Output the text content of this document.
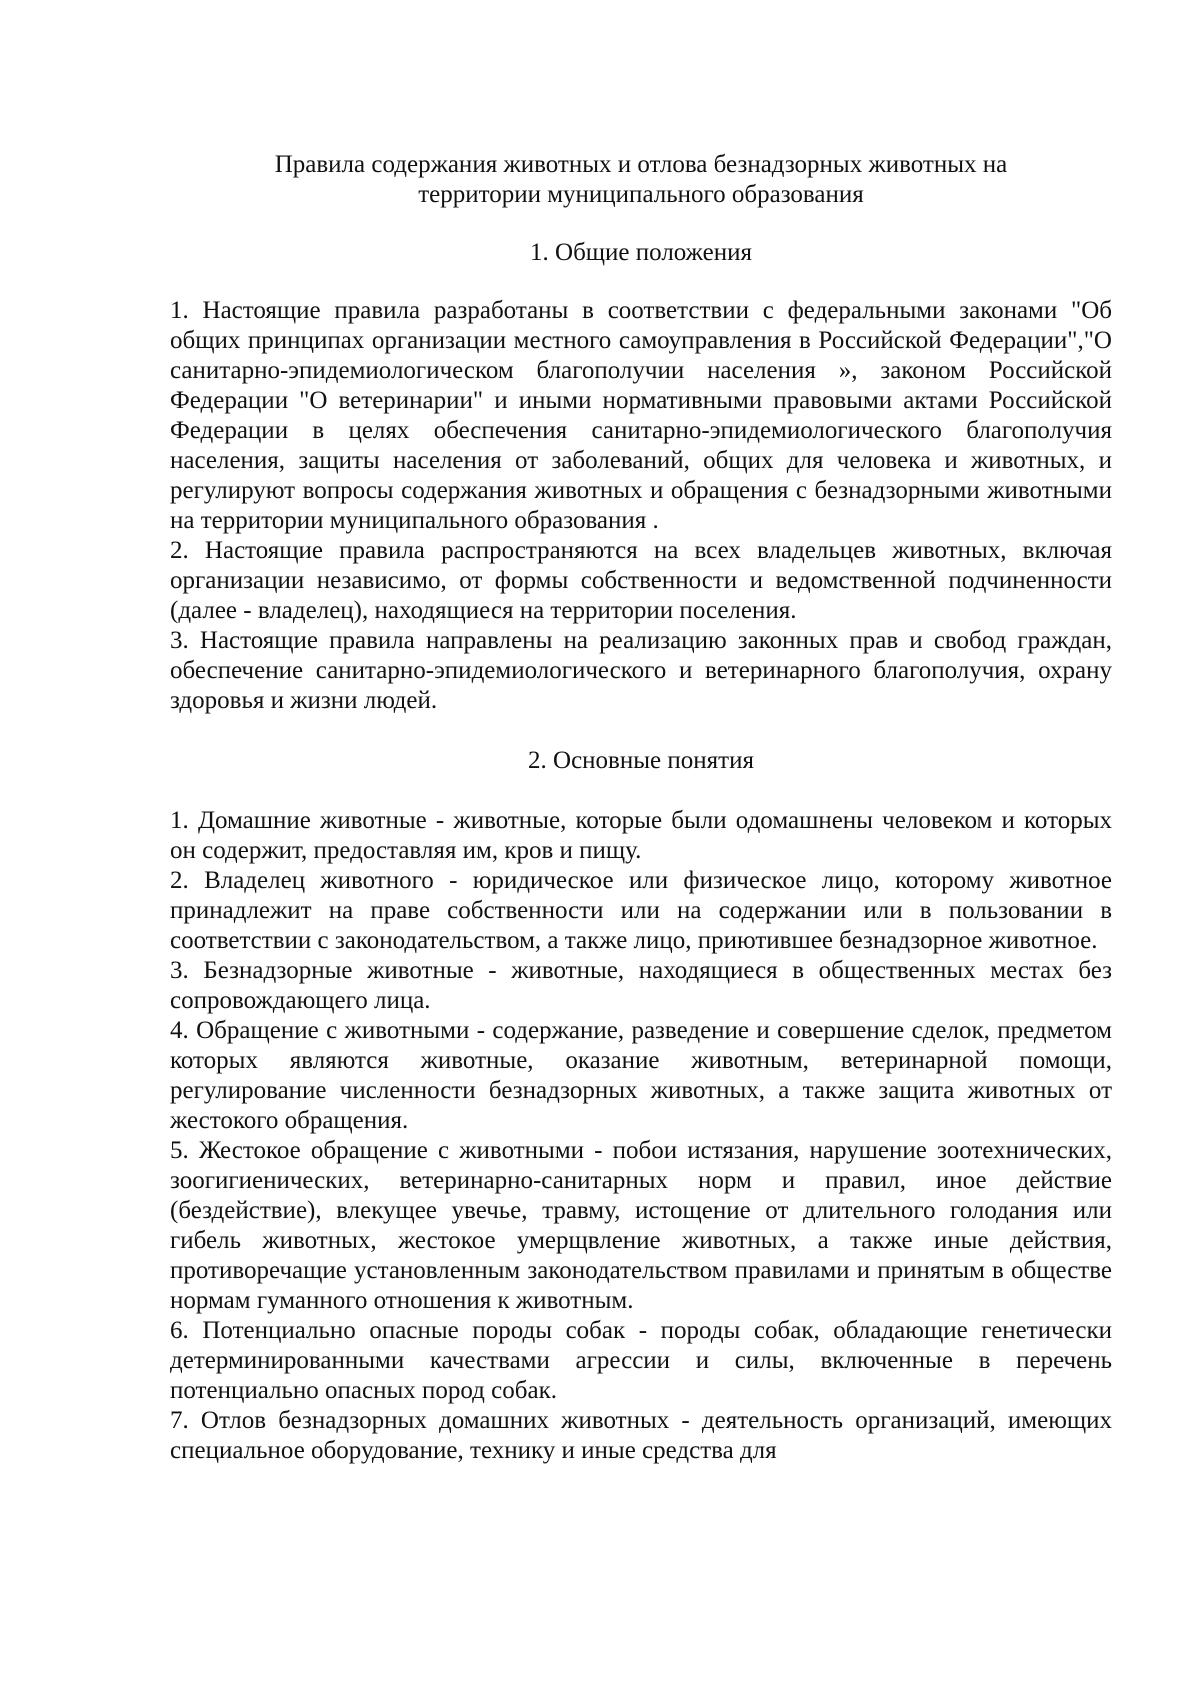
Правила содержания животных и отлова безнадзорных животных на
территории муниципального образования
1. Общие положения

1. Настоящие правила разработаны в соответствии с федеральными законами "Об общих принципах организации местного самоуправления в Российской Федерации","О санитарно-эпидемиологическом благополучии населения », законом Российской Федерации "О ветеринарии" и иными нормативными правовыми актами Российской Федерации в целях обеспечения санитарно-эпидемиологического благополучия населения, защиты населения от заболеваний, общих для человека и животных, и регулируют вопросы содержания животных и обращения с безнадзорными животными на территории муниципального образования .

2. Настоящие правила распространяются на всех владельцев животных, включая организации независимо, от формы собственности и ведомственной подчиненности (далее - владелец), находящиеся на территории поселения.

3. Настоящие правила направлены на реализацию законных прав и свобод граждан, обеспечение санитарно-эпидемиологического и ветеринарного благополучия, охрану здоровья и жизни людей.

2. Основные понятия

1. Домашние животные - животные, которые были одомашнены человеком и которых он содержит, предоставляя им, кров и пищу.

2. Владелец животного - юридическое или физическое лицо, которому животное принадлежит на праве собственности или на содержании или в пользовании в соответствии с законодательством, а также лицо, приютившее безнадзорное животное.

3. Безнадзорные животные - животные, находящиеся в общественных местах без сопровождающего лица.

4. Обращение с животными - содержание, разведение и совершение сделок, предметом которых являются животные, оказание животным, ветеринарной помощи, регулирование численности безнадзорных животных, а также защита животных от жестокого обращения.

5. Жестокое обращение с животными - побои истязания, нарушение зоотехнических, зоогигиенических, ветеринарно-санитарных норм и правил, иное действие (бездействие), влекущее увечье, травму, истощение от длительного голодания или гибель животных, жестокое умерщвление животных, а также иные действия, противоречащие установленным законодательством правилами и принятым в обществе нормам гуманного отношения к животным.

6. Потенциально опасные породы собак - породы собак, обладающие генетически детерминированными качествами агрессии и силы, включенные в перечень потенциально опасных пород собак.

7. Отлов безнадзорных домашних животных - деятельность организаций, имеющих специальное оборудование, технику и иные средства для
